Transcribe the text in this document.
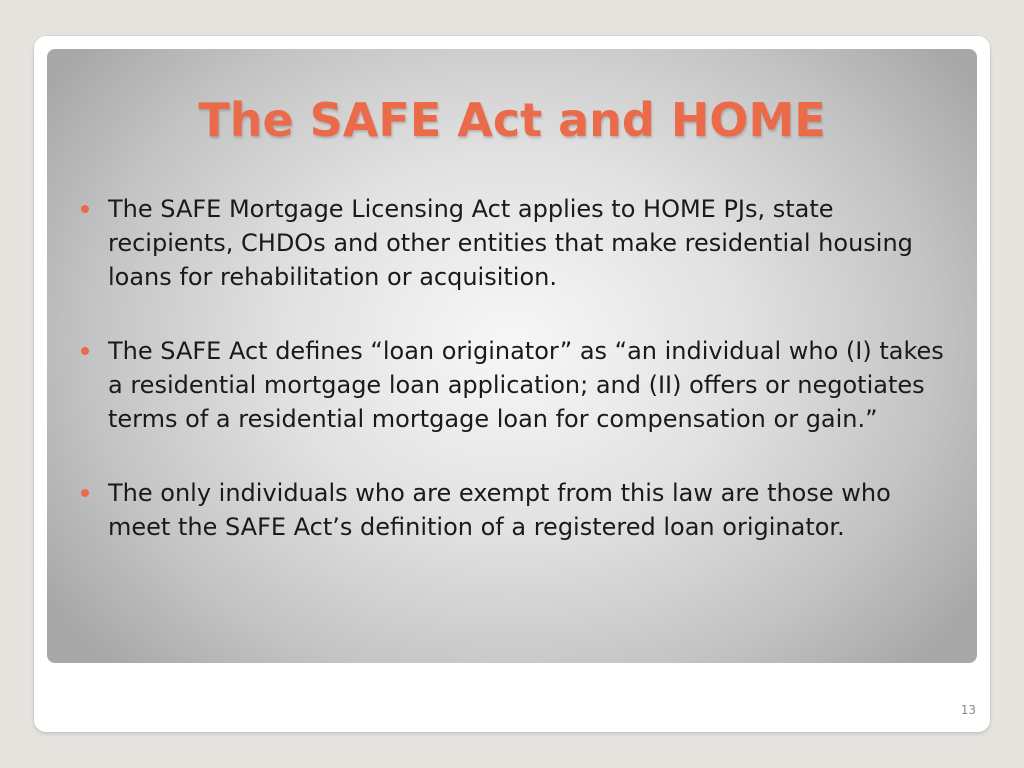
The SAFE Act and HOME
The SAFE Mortgage Licensing Act applies to HOME PJs, state recipients, CHDOs and other entities that make residential housing loans for rehabilitation or acquisition.
The SAFE Act defines “loan originator” as “an individual who (I) takes a residential mortgage loan application; and (II) offers or negotiates terms of a residential mortgage loan for compensation or gain.”
The only individuals who are exempt from this law are those who meet the SAFE Act’s definition of a registered loan originator.
13
